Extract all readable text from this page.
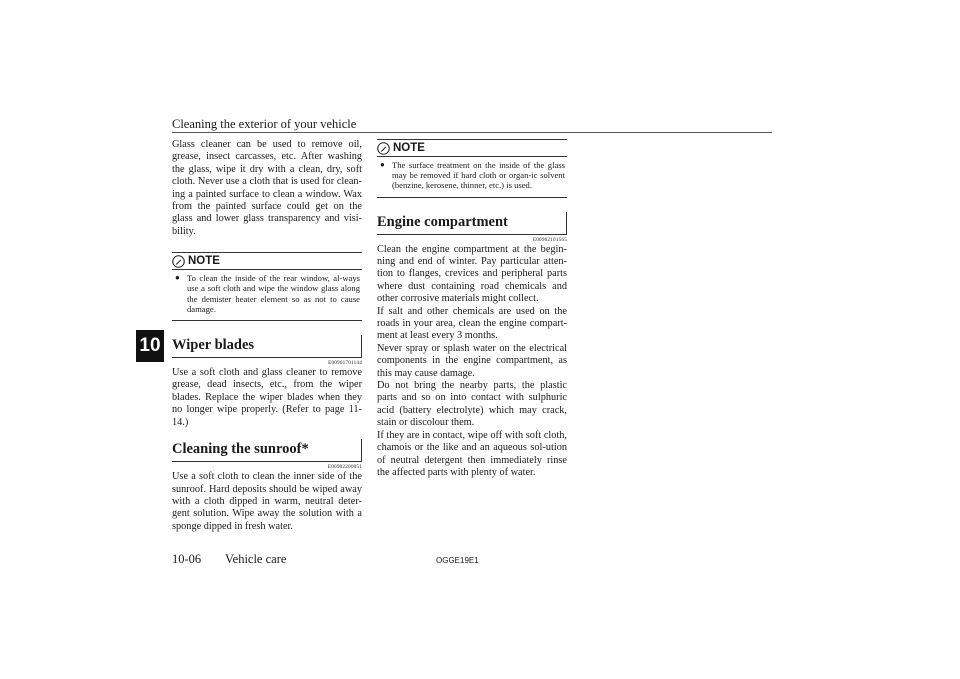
Cleaning the exterior of your vehicle
10

Glass cleaner can be used to remove oil, grease, insect carcasses, etc. After washing the glass, wipe it dry with a clean, dry, soft cloth. Never use a cloth that is used for clean-ing a painted surface to clean a window. Wax from the painted surface could get on the glass and lower glass transparency and visi-bility.

NOTE
● To clean the inside of the rear window, al-ways use a soft cloth and wipe the window glass along the demister heater element so as not to cause damage.
Wiper blades
E00901701144

Use a soft cloth and glass cleaner to remove grease, dead insects, etc., from the wiper blades. Replace the wiper blades when they no longer wipe properly. (Refer to page 11-14.)

Cleaning the sunroof*
E00902200051

Use a soft cloth to clean the inner side of the sunroof. Hard deposits should be wiped away with a cloth dipped in warm, neutral deter-gent solution. Wipe away the solution with a sponge dipped in fresh water.

NOTE
● The surface treatment on the inside of the glass may be removed if hard cloth or organ-ic solvent (benzine, kerosene, thinner, etc.) is used.
Engine compartment
E00902101565

Clean the engine compartment at the begin-ning and end of winter. Pay particular atten-tion to flanges, crevices and peripheral parts where dust containing road chemicals and other corrosive materials might collect.

If salt and other chemicals are used on the roads in your area, clean the engine compart-ment at least every 3 months.

Never spray or splash water on the electrical components in the engine compartment, as this may cause damage.

Do not bring the nearby parts, the plastic parts and so on into contact with sulphuric acid (battery electrolyte) which may crack, stain or discolour them.

If they are in contact, wipe off with soft cloth, chamois or the like and an aqueous sol-ution of neutral detergent then immediately rinse the affected parts with plenty of water.

10-06 Vehicle care	OGGE19E1
